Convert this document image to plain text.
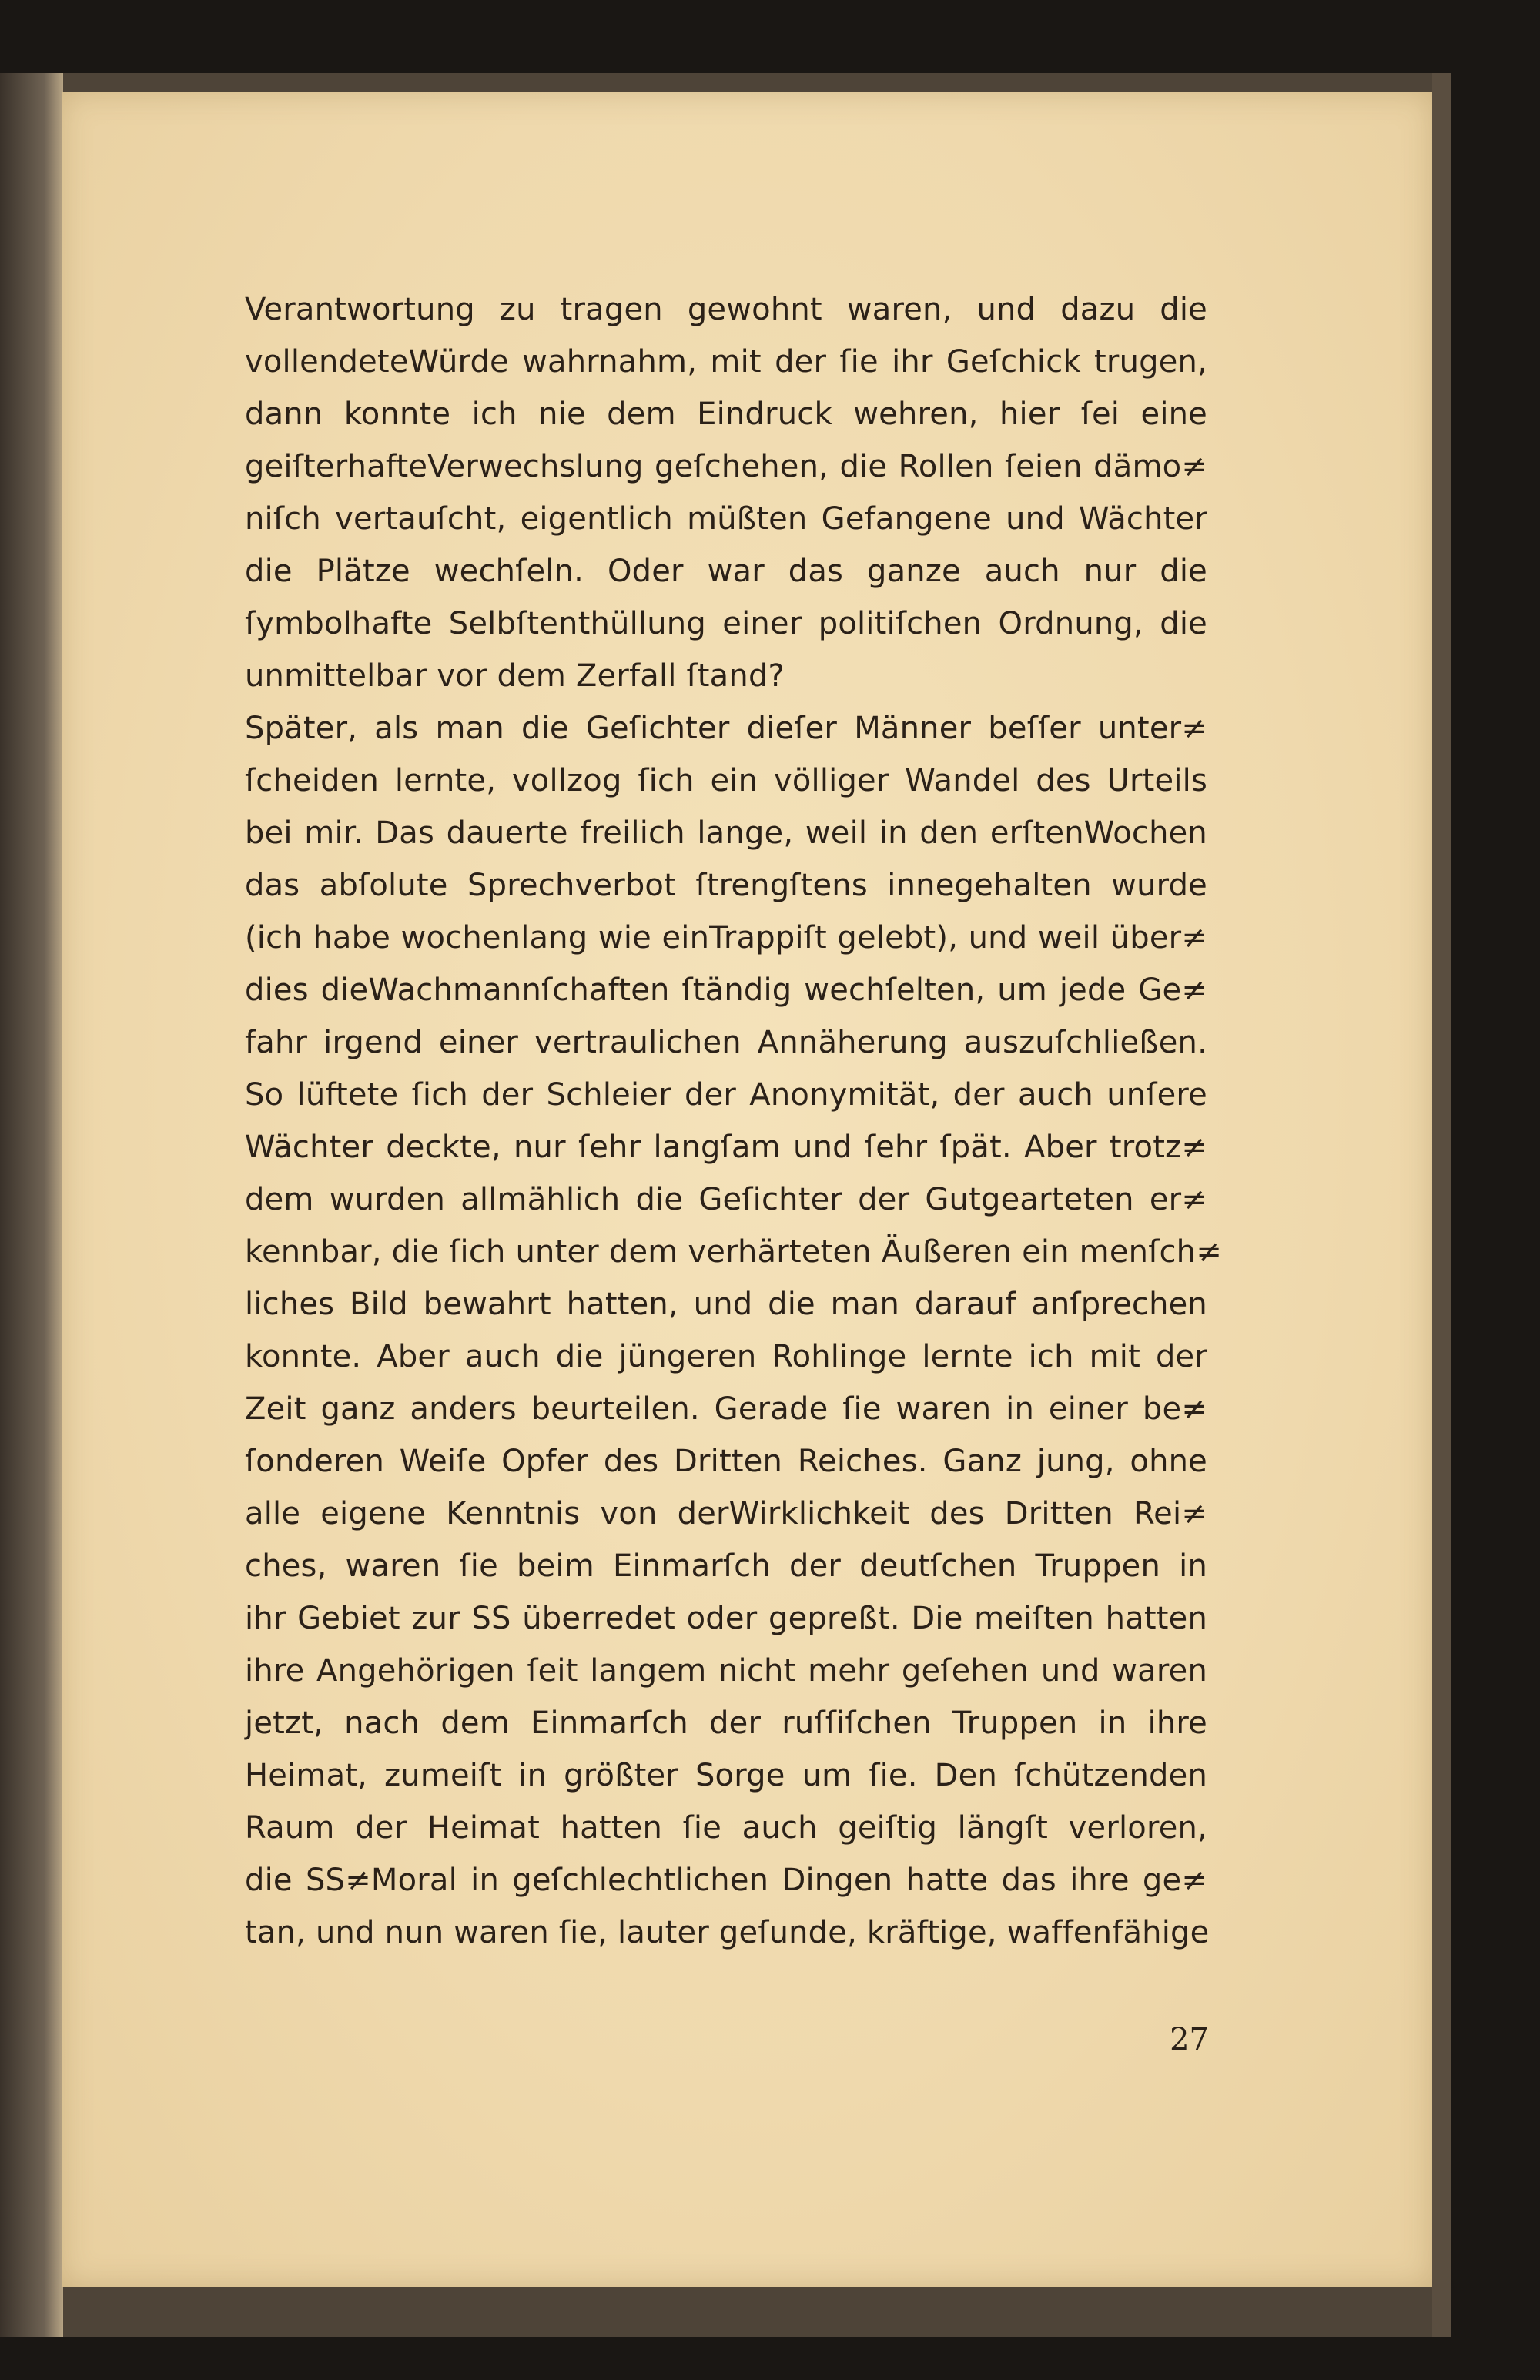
Verantwortung zu tragen gewohnt waren, und dazu die
vollendeteWürde wahrnahm, mit der ſie ihr Geſchick trugen,
dann konnte ich nie dem Eindruck wehren, hier ſei eine
geiſterhafteVerwechslung geſchehen, die Rollen ſeien dämo≠
niſch vertauſcht, eigentlich müßten Gefangene und Wächter
die Plätze wechſeln. Oder war das ganze auch nur die
ſymbolhafte Selbſtenthüllung einer politiſchen Ordnung, die
unmittelbar vor dem Zerfall ſtand?
Später, als man die Geſichter dieſer Männer beſſer unter≠
ſcheiden lernte, vollzog ſich ein völliger Wandel des Urteils
bei mir. Das dauerte freilich lange, weil in den erſtenWochen
das abſolute Sprechverbot ſtrengſtens innegehalten wurde
(ich habe wochenlang wie einTrappiſt gelebt), und weil über≠
dies dieWachmannſchaften ſtändig wechſelten, um jede Ge≠
fahr irgend einer vertraulichen Annäherung auszuſchließen.
So lüftete ſich der Schleier der Anonymität, der auch unſere
Wächter deckte, nur ſehr langſam und ſehr ſpät. Aber trotz≠
dem wurden allmählich die Geſichter der Gutgearteten er≠
kennbar, die ſich unter dem verhärteten Äußeren ein menſch≠
liches Bild bewahrt hatten, und die man darauf anſprechen
konnte. Aber auch die jüngeren Rohlinge lernte ich mit der
Zeit ganz anders beurteilen. Gerade ſie waren in einer be≠
ſonderen Weiſe Opfer des Dritten Reiches. Ganz jung, ohne
alle eigene Kenntnis von derWirklichkeit des Dritten Rei≠
ches, waren ſie beim Einmarſch der deutſchen Truppen in
ihr Gebiet zur SS überredet oder gepreßt. Die meiſten hatten
ihre Angehörigen ſeit langem nicht mehr geſehen und waren
jetzt, nach dem Einmarſch der ruſſiſchen Truppen in ihre
Heimat, zumeiſt in größter Sorge um ſie. Den ſchützenden
Raum der Heimat hatten ſie auch geiſtig längſt verloren,
die SS≠Moral in geſchlechtlichen Dingen hatte das ihre ge≠
tan, und nun waren ſie, lauter geſunde, kräftige, waffenfähige
27
